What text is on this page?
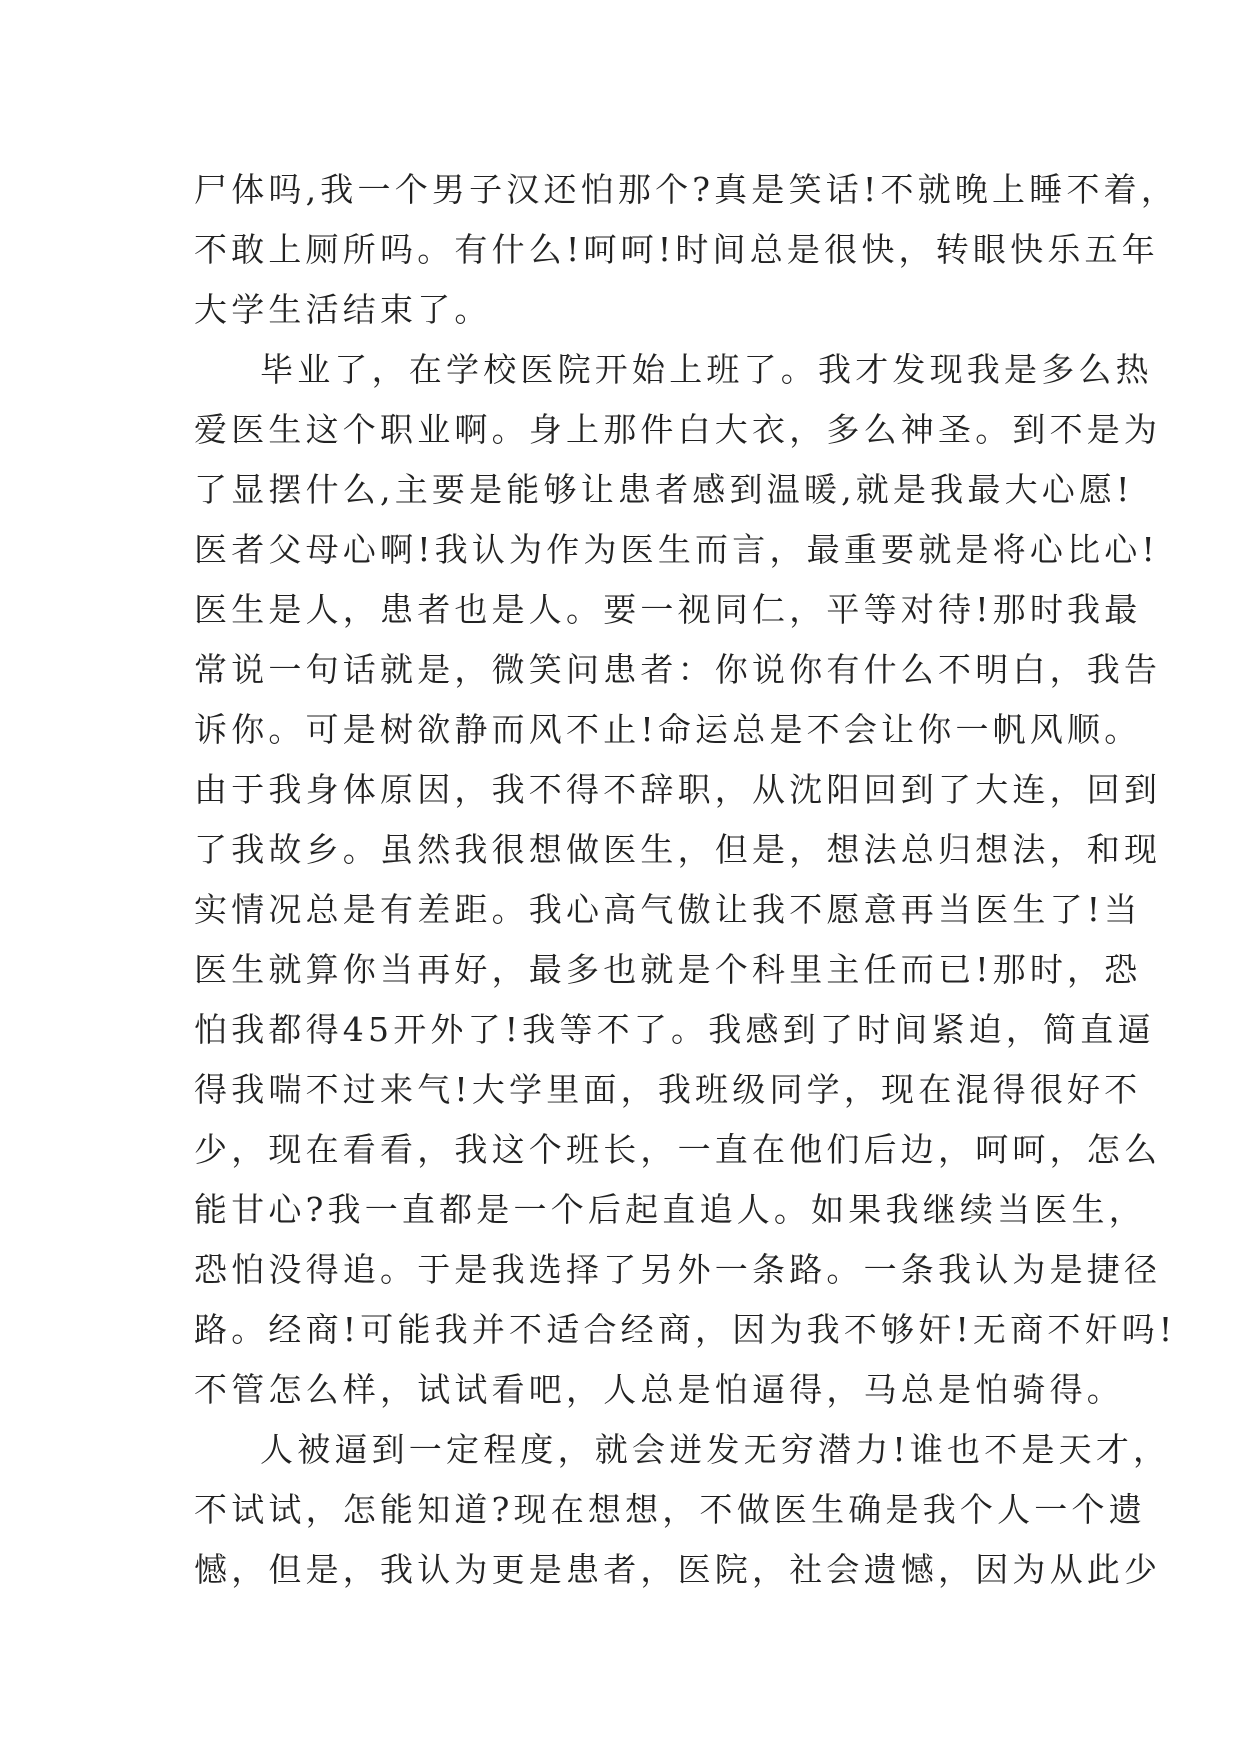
尸体吗,我一个男子汉还怕那个?真是笑话!不就晚上睡不着，
不敢上厕所吗。有什么!呵呵!时间总是很快，转眼快乐五年
大学生活结束了。
毕业了，在学校医院开始上班了。我才发现我是多么热
爱医生这个职业啊。身上那件白大衣，多么神圣。到不是为
了显摆什么,主要是能够让患者感到温暖,就是我最大心愿!
医者父母心啊!我认为作为医生而言，最重要就是将心比心!
医生是人，患者也是人。要一视同仁，平等对待!那时我最
常说一句话就是，微笑问患者：你说你有什么不明白，我告
诉你。可是树欲静而风不止!命运总是不会让你一帆风顺。
由于我身体原因，我不得不辞职，从沈阳回到了大连，回到
了我故乡。虽然我很想做医生，但是，想法总归想法，和现
实情况总是有差距。我心高气傲让我不愿意再当医生了!当
医生就算你当再好，最多也就是个科里主任而已!那时，恐
怕我都得45开外了!我等不了。我感到了时间紧迫，简直逼
得我喘不过来气!大学里面，我班级同学，现在混得很好不
少，现在看看，我这个班长，一直在他们后边，呵呵，怎么
能甘心?我一直都是一个后起直追人。如果我继续当医生，
恐怕没得追。于是我选择了另外一条路。一条我认为是捷径
路。经商!可能我并不适合经商，因为我不够奸!无商不奸吗!
不管怎么样，试试看吧，人总是怕逼得，马总是怕骑得。
人被逼到一定程度，就会迸发无穷潜力!谁也不是天才，
不试试，怎能知道?现在想想，不做医生确是我个人一个遗
憾，但是，我认为更是患者，医院，社会遗憾，因为从此少
